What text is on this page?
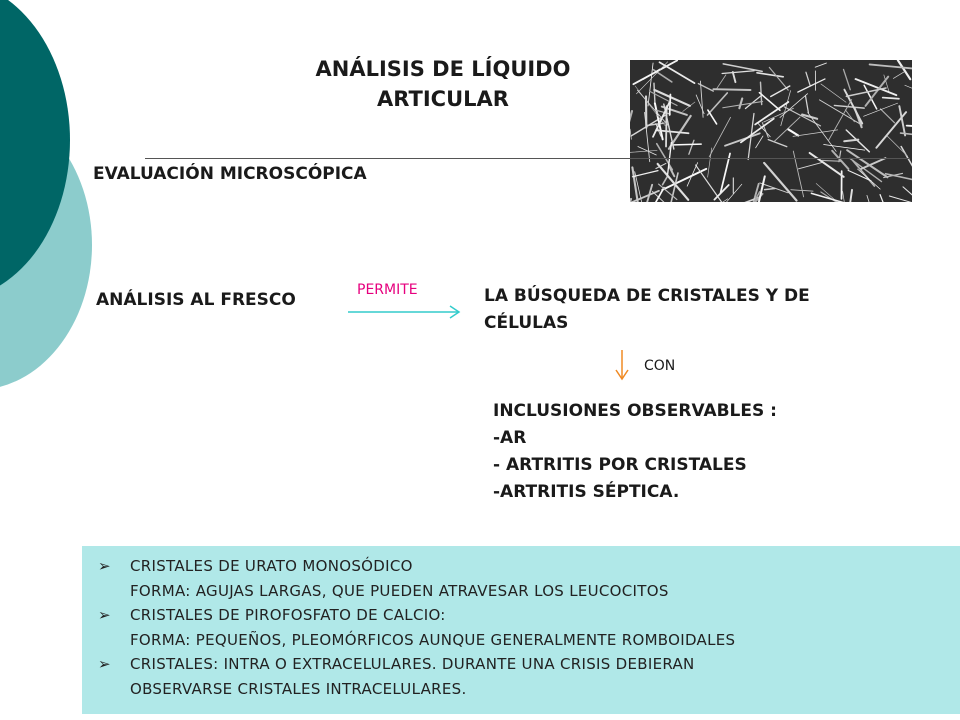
ANÁLISIS DE LÍQUIDO
ARTICULAR
EVALUACIÓN MICROSCÓPICA
ANÁLISIS AL FRESCO	PERMITE	LA BÚSQUEDA DE CRISTALES Y DE
CÉLULAS
CON
INCLUSIONES OBSERVABLES :
-AR
- ARTRITIS POR CRISTALES
-ARTRITIS SÉPTICA.
➢ CRISTALES DE URATO MONOSÓDICO
FORMA: AGUJAS LARGAS, QUE PUEDEN ATRAVESAR LOS LEUCOCITOS
➢ CRISTALES DE PIROFOSFATO DE CALCIO:
FORMA: PEQUEÑOS, PLEOMÓRFICOS AUNQUE GENERALMENTE ROMBOIDALES
➢ CRISTALES: INTRA O EXTRACELULARES. DURANTE UNA CRISIS DEBIERAN
OBSERVARSE CRISTALES INTRACELULARES.
